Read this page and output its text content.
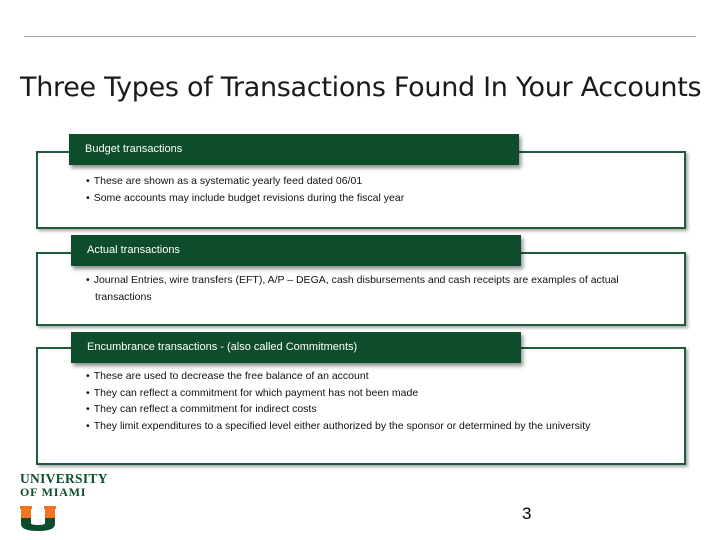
Three Types of Transactions Found In Your Accounts
Budget transactions
• These are shown as a systematic yearly feed dated 06/01
• Some accounts may include budget revisions during the fiscal year
Actual transactions
• Journal Entries, wire transfers (EFT), A/P – DEGA, cash disbursements and cash receipts are examples of actual transactions
Encumbrance transactions - (also called Commitments)
• These are used to decrease the free balance of an account
• They can reflect a commitment for which payment has not been made
• They can reflect a commitment for indirect costs
• They limit expenditures to a specified level either authorized by the sponsor or determined by the university
UNIVERSITY
OF MIAMI
3
